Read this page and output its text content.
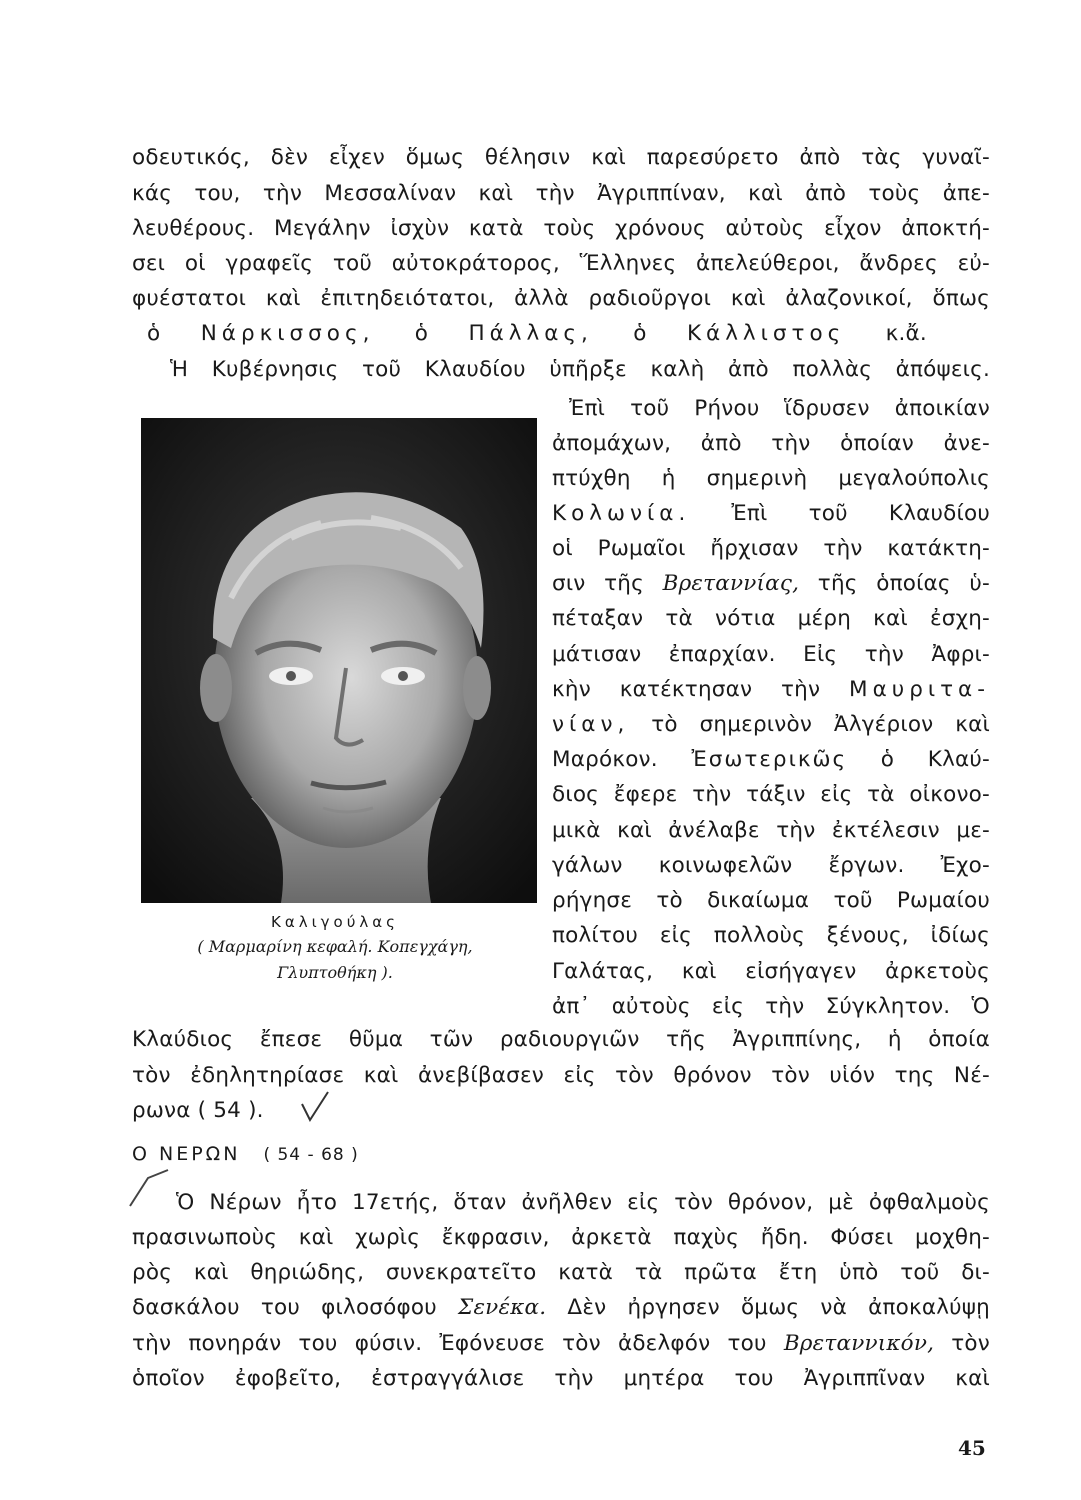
οδευτικός, δὲν εἶχεν ὅμως θέλησιν καὶ παρεσύρετο ἀπὸ τὰς γυναῖ-
κάς του, τὴν Μεσσαλίναν καὶ τὴν Ἀγριππίναν, καὶ ἀπὸ τοὺς ἀπε-
λευθέρους. Μεγάλην ἰσχὺν κατὰ τοὺς χρόνους αὐτοὺς εἶχον ἀποκτή-
σει οἱ γραφεῖς τοῦ αὐτοκράτορος, Ἕλληνες ἀπελεύθεροι, ἄνδρες εὐ-
φυέστατοι καὶ ἐπιτηδειότατοι, ἀλλὰ ραδιοῦργοι καὶ ἀλαζονικοί, ὅπως
ὁ Νάρκισσος, ὁ Πάλλας, ὁ Κάλλιστος κ.ἄ.
Ἡ Κυβέρνησις τοῦ Κλαυδίου ὑπῆρξε καλὴ ἀπὸ πολλὰς ἀπόψεις.
Ἐπὶ τοῦ Ρήνου ἵδρυσεν ἀποικίαν
ἀπομάχων, ἀπὸ τὴν ὁποίαν ἀνε-
πτύχθη ἡ σημερινὴ μεγαλούπολις
Κολωνία. Ἐπὶ τοῦ Κλαυδίου
οἱ Ρωμαῖοι ἤρχισαν τὴν κατάκτη-
σιν τῆς Βρεταννίας, τῆς ὁποίας ὑ-
πέταξαν τὰ νότια μέρη καὶ ἐσχη-
μάτισαν ἐπαρχίαν. Εἰς τὴν Ἀφρι-
κὴν κατέκτησαν τὴν Μαυριτα-
νίαν, τὸ σημερινὸν Ἀλγέριον καὶ
Μαρόκον. Ἐσωτερικῶς ὁ Κλαύ-
διος ἔφερε τὴν τάξιν εἰς τὰ οἰκονο-
μικὰ καὶ ἀνέλαβε τὴν ἐκτέλεσιν με-
γάλων κοινωφελῶν ἔργων. Ἐχο-
ρήγησε τὸ δικαίωμα τοῦ Ρωμαίου
πολίτου εἰς πολλοὺς ξένους, ἰδίως
Γαλάτας, καὶ εἰσήγαγεν ἀρκετοὺς
ἀπ᾽ αὐτοὺς εἰς τὴν Σύγκλητον. Ὁ
Καλιγούλας
( Μαρμαρίνη κεφαλή. Κοπεγχάγη,
Γλυπτοθήκη ).
Κλαύδιος ἔπεσε θῦμα τῶν ραδιουργιῶν τῆς Ἀγριππίνης, ἡ ὁποία
τὸν ἐδηλητηρίασε καὶ ἀνεβίβασεν εἰς τὸν θρόνον τὸν υἱόν της Νέ-
ρωνα ( 54 ).
Ο ΝΕΡΩΝ ( 54 - 68 )
Ὁ Νέρων ἦτο 17ετής, ὅταν ἀνῆλθεν εἰς τὸν θρόνον, μὲ ὀφθαλμοὺς
πρασινωποὺς καὶ χωρὶς ἔκφρασιν, ἀρκετὰ παχὺς ἤδη. Φύσει μοχθη-
ρὸς καὶ θηριώδης, συνεκρατεῖτο κατὰ τὰ πρῶτα ἔτη ὑπὸ τοῦ δι-
δασκάλου του φιλοσόφου Σενέκα. Δὲν ἠργησεν ὅμως νὰ ἀποκαλύψῃ
τὴν πονηράν του φύσιν. Ἐφόνευσε τὸν ἀδελφόν του Βρεταννικόν, τὸν
ὁποῖον ἐφοβεῖτο, ἐστραγγάλισε τὴν μητέρα του Ἀγριππῖναν καὶ
45
